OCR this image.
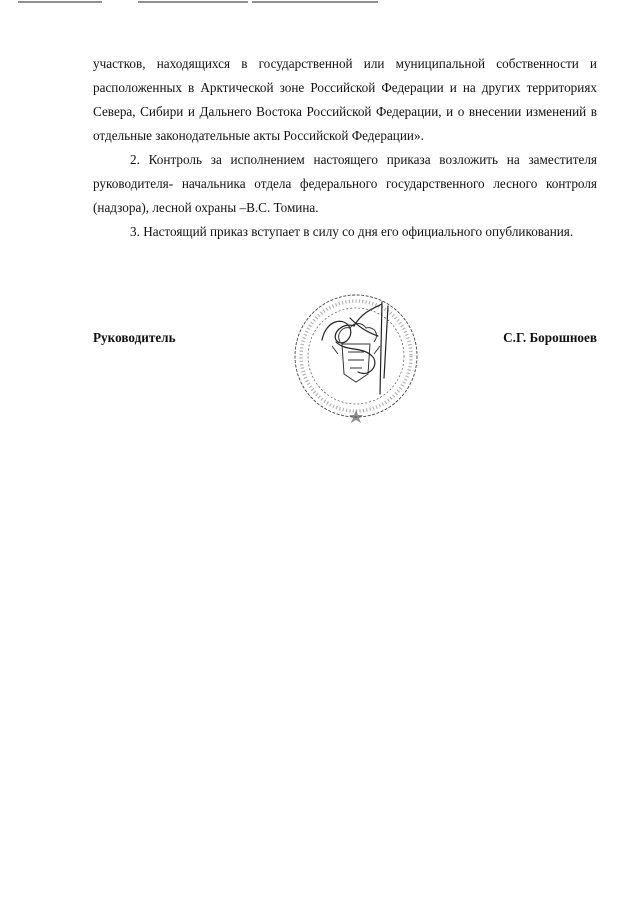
участков, находящихся в государственной или муниципальной собственности и расположенных в Арктической зоне Российской Федерации и на других территориях Севера, Сибири и Дальнего Востока Российской Федерации, и о внесении изменений в отдельные законодательные акты Российской Федерации».

2. Контроль за исполнением настоящего приказа возложить на заместителя руководителя- начальника отдела федерального государственного лесного контроля (надзора), лесной охраны –В.С. Томина.

3. Настоящий приказ вступает в силу со дня его официального опубликования.

Руководитель	С.Г. Борошноев
